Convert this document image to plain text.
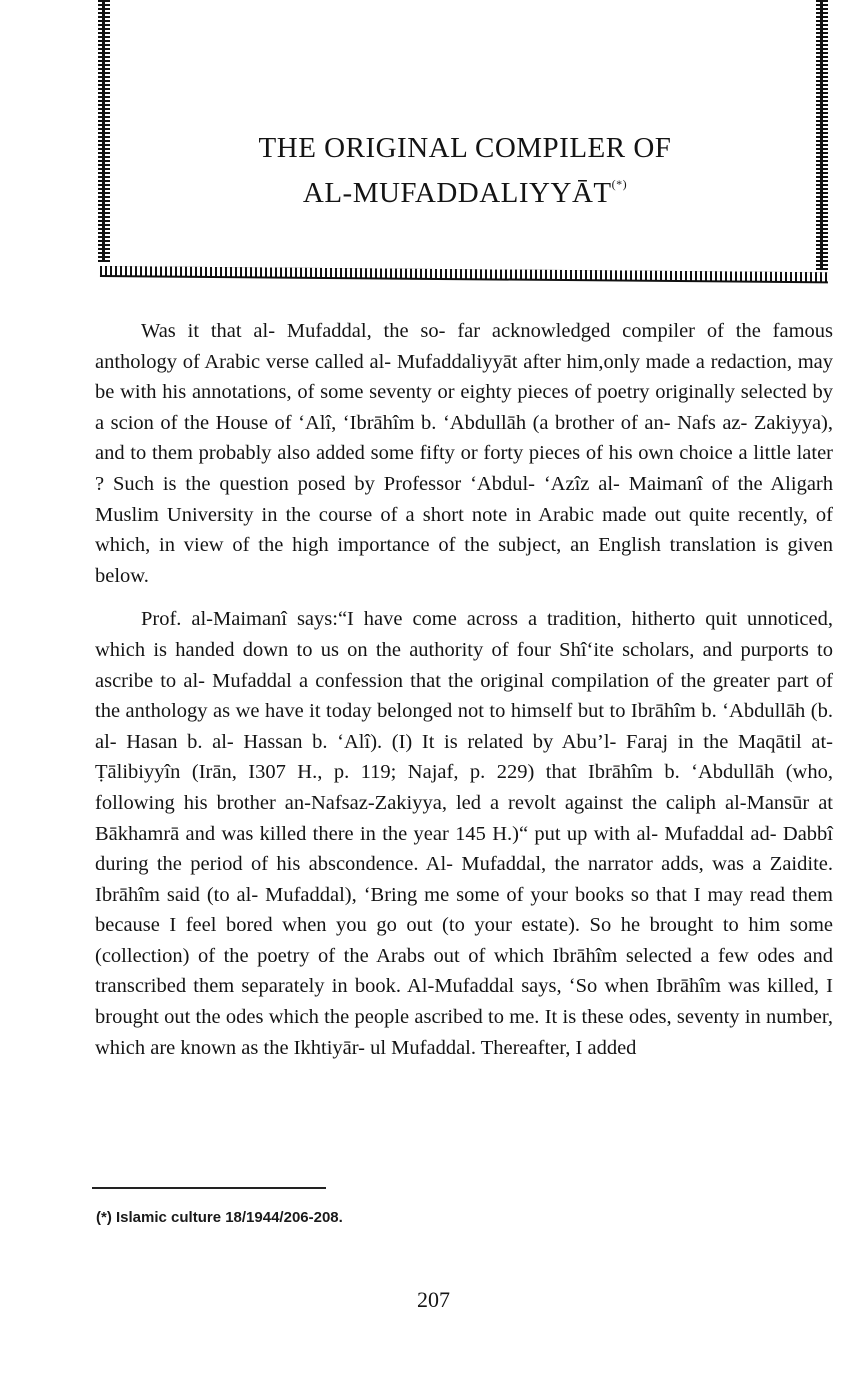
THE ORIGINAL COMPILER OF
AL-MUFADDALIYYĀT(*)

Was it that al- Mufaddal, the so- far acknowledged compiler of the famous anthology of Arabic verse called al- Mufaddaliyyāt after him,only made a redaction, may be with his annotations, of some seventy or eighty pieces of poetry originally selected by a scion of the House of ‘Alî, ‘Ibrāhîm b. ‘Abdullāh (a brother of an- Nafs az- Zakiyya), and to them probably also added some fifty or forty pieces of his own choice a little later ? Such is the question posed by Professor ‘Abdul- ‘Azîz al- Maimanî of the Aligarh Muslim University in the course of a short note in Arabic made out quite recently, of which, in view of the high importance of the subject, an English translation is given below.

Prof. al-Maimanî says:“I have come across a tradition, hitherto quit unnoticed, which is handed down to us on the authority of four Shî‘ite scholars, and purports to ascribe to al- Mufaddal a confession that the original compilation of the greater part of the anthology as we have it today belonged not to himself but to Ibrāhîm b. ‘Abdullāh (b. al- Hasan b. al- Hassan b. ‘Alî). (I) It is related by Abu’l- Faraj in the Maqātil at- Ṭālibiyyîn (Irān, I307 H., p. 119; Najaf, p. 229) that Ibrāhîm b. ‘Abdullāh (who, following his brother an-Nafsaz-Zakiyya, led a revolt against the caliph al-Mansūr at Bākhamrā and was killed there in the year 145 H.)“ put up with al- Mufaddal ad- Dabbî during the period of his abscondence. Al- Mufaddal, the narrator adds, was a Zaidite. Ibrāhîm said (to al- Mufaddal), ‘Bring me some of your books so that I may read them because I feel bored when you go out (to your estate). So he brought to him some (collection) of the poetry of the Arabs out of which Ibrāhîm selected a few odes and transcribed them separately in book. Al-Mufaddal says, ‘So when Ibrāhîm was killed, I brought out the odes which the people ascribed to me. It is these odes, seventy in number, which are known as the Ikhtiyār- ul Mufaddal. Thereafter, I added

(*) Islamic culture 18/1944/206-208.
207
